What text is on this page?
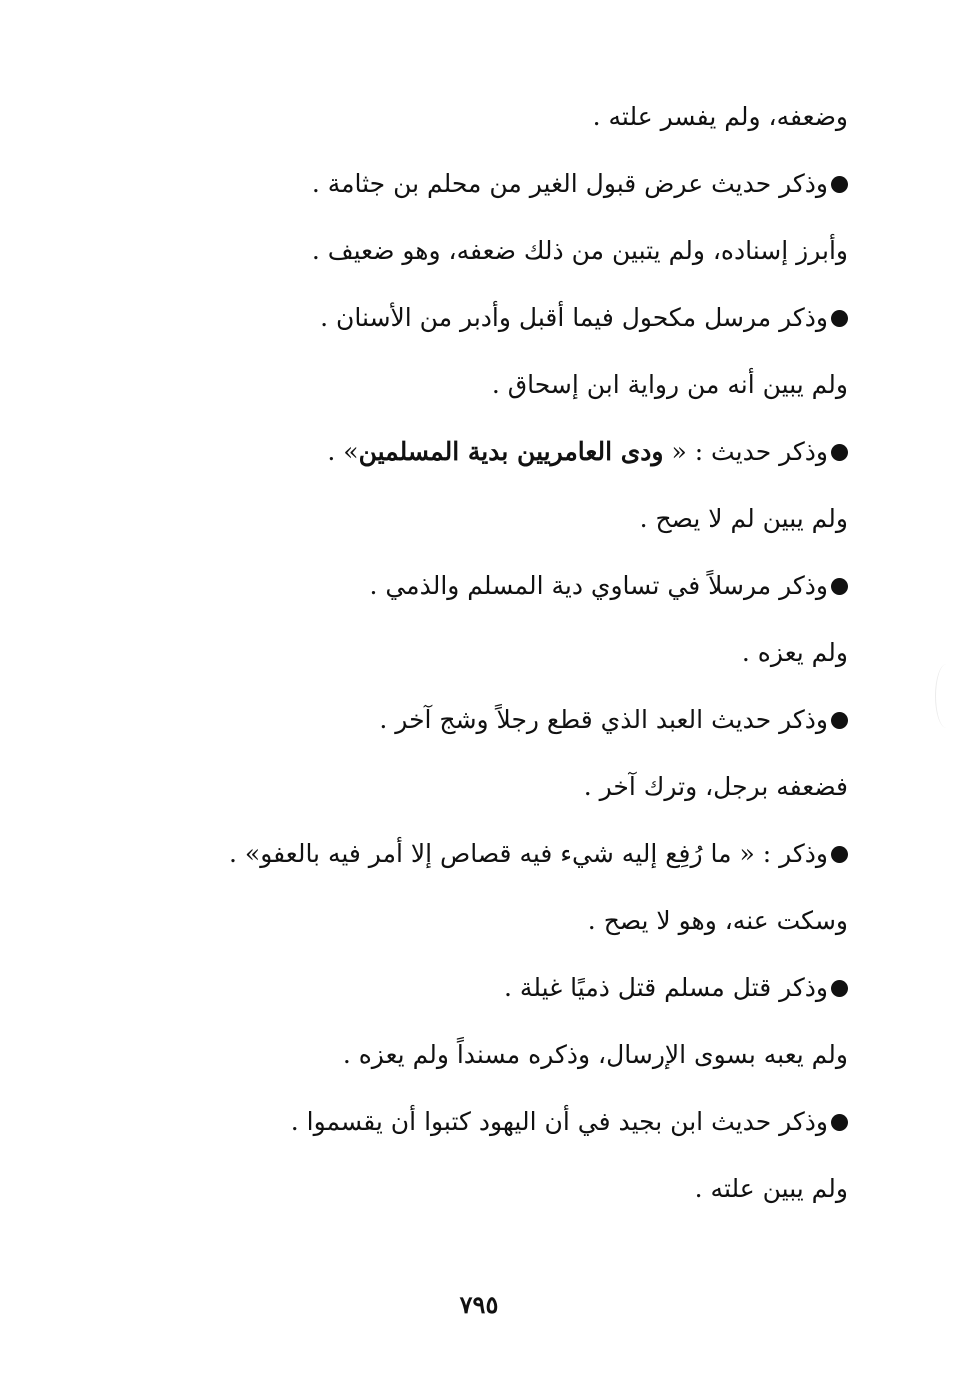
وضعفه، ولم يفسر علته .
وذكر حديث عرض قبول الغير من محلم بن جثامة .
وأبرز إسناده، ولم يتبين من ذلك ضعفه، وهو ضعيف .
وذكر مرسل مكحول فيما أقبل وأدبر من الأسنان .
ولم يبين أنه من رواية ابن إسحاق .
وذكر حديث : « ودى العامريين بدية المسلمين» .
ولم يبين لم لا يصح .
وذكر مرسلاً في تساوي دية المسلم والذمي .
ولم يعزه .
وذكر حديث العبد الذي قطع رجلاً وشج آخر .
فضعفه برجل، وترك آخر .
وذكر : « ما رُفِع إليه شيء فيه قصاص إلا أمر فيه بالعفو» .
وسكت عنه، وهو لا يصح .
وذكر قتل مسلم قتل ذميًا غيلة .
ولم يعبه بسوى الإرسال، وذكره مسنداً ولم يعزه .
وذكر حديث ابن بجيد في أن اليهود كتبوا أن يقسموا .
ولم يبين علته .
٧٩٥
